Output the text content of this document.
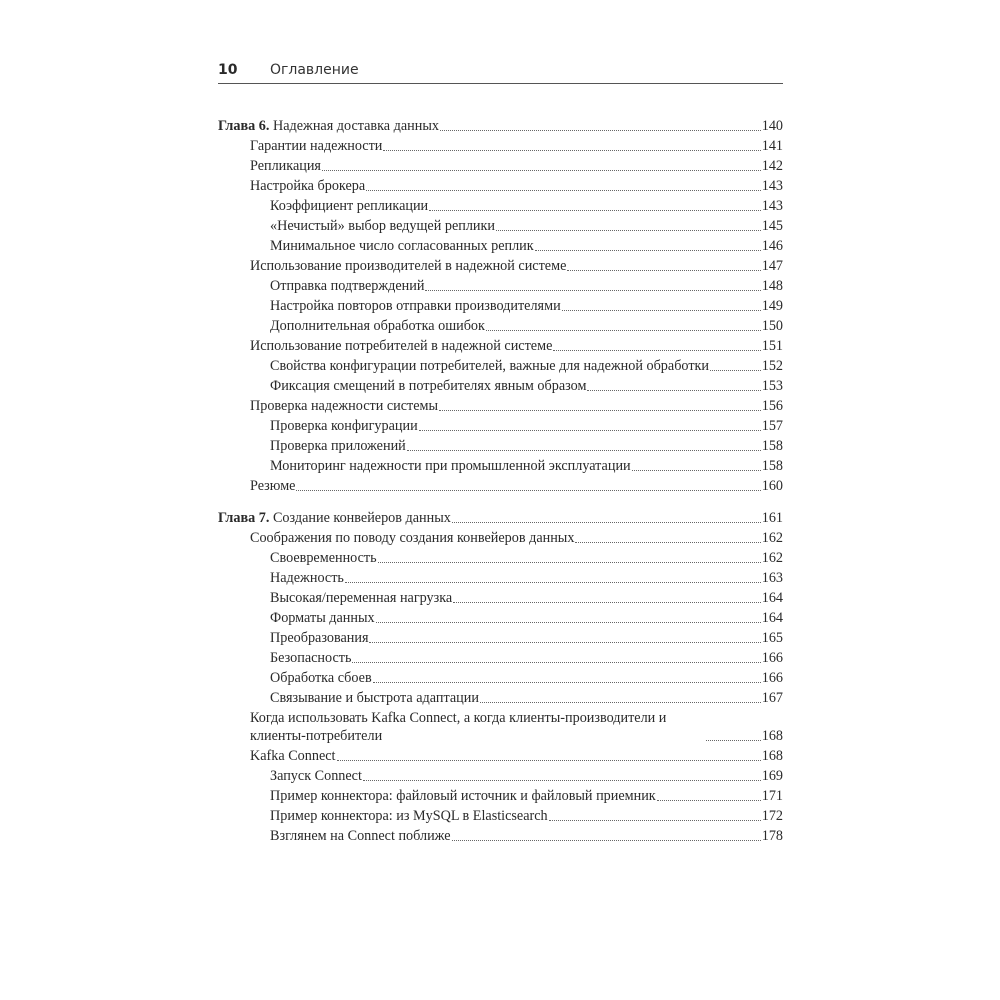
10 Оглавление
Глава 6. Надежная доставка данных	140
Гарантии надежности	141
Репликация	142
Настройка брокера	143
Коэффициент репликации	143
«Нечистый» выбор ведущей реплики	145
Минимальное число согласованных реплик	146
Использование производителей в надежной системе	147
Отправка подтверждений	148
Настройка повторов отправки производителями	149
Дополнительная обработка ошибок	150
Использование потребителей в надежной системе	151
Свойства конфигурации потребителей, важные для надежной обработки	152
Фиксация смещений в потребителях явным образом	153
Проверка надежности системы	156
Проверка конфигурации	157
Проверка приложений	158
Мониторинг надежности при промышленной эксплуатации	158
Резюме	160
Глава 7. Создание конвейеров данных	161
Соображения по поводу создания конвейеров данных	162
Своевременность	162
Надежность	163
Высокая/переменная нагрузка	164
Форматы данных	164
Преобразования	165
Безопасность	166
Обработка сбоев	166
Связывание и быстрота адаптации	167
Когда использовать Kafka Connect, а когда клиенты-производители и клиенты-потребители	168
Kafka Connect	168
Запуск Connect	169
Пример коннектора: файловый источник и файловый приемник	171
Пример коннектора: из MySQL в Elasticsearch	172
Взглянем на Connect поближе	178
